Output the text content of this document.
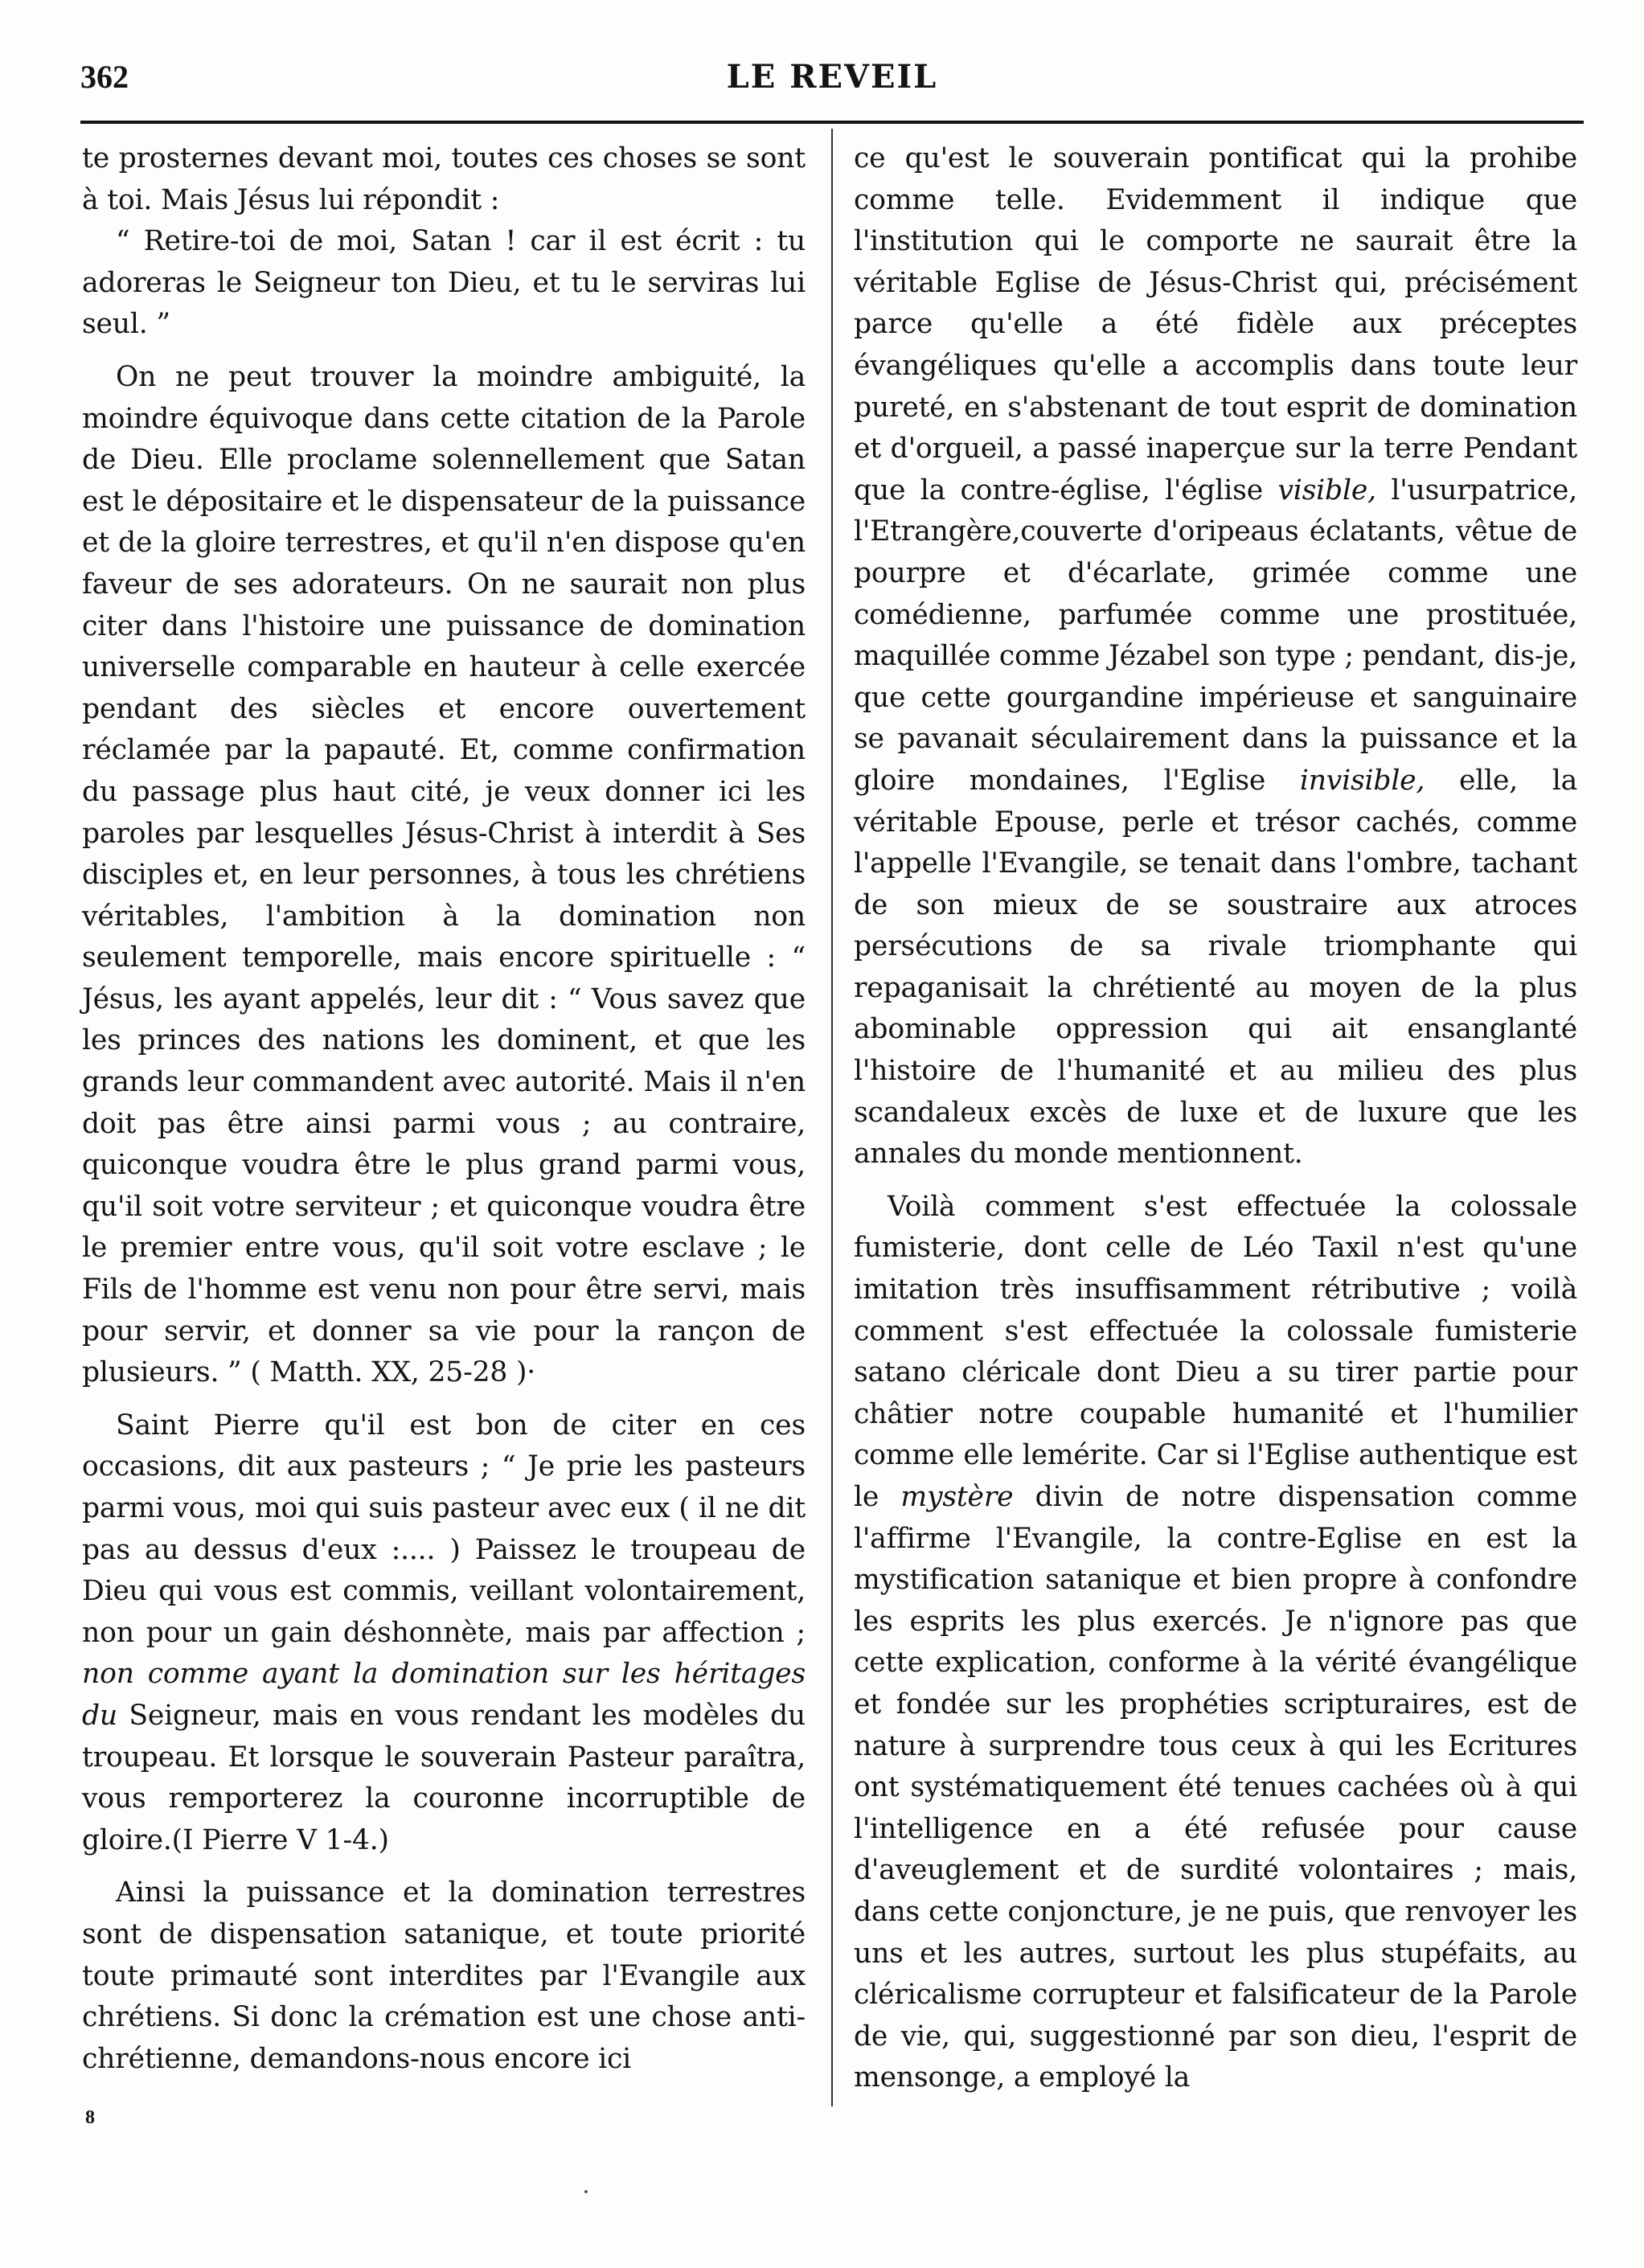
362	LE REVEIL

te prosternes devant moi, toutes ces choses se sont à toi. Mais Jésus lui répondit :

“ Retire-toi de moi, Satan ! car il est écrit : tu adoreras le Seigneur ton Dieu, et tu le serviras lui seul. ”

On ne peut trouver la moindre ambiguité, la moindre équivoque dans cette citation de la Parole de Dieu. Elle proclame solennellement que Satan est le dépositaire et le dispensateur de la puissance et de la gloire terrestres, et qu'il n'en dispose qu'en faveur de ses adorateurs. On ne saurait non plus citer dans l'histoire une puissance de domination universelle comparable en hauteur à celle exercée pendant des siècles et encore ouvertement réclamée par la papauté. Et, comme confirmation du passage plus haut cité, je veux donner ici les paroles par lesquelles Jésus-Christ à interdit à Ses disciples et, en leur personnes, à tous les chrétiens véritables, l'ambition à la domination non seulement temporelle, mais encore spirituelle : “ Jésus, les ayant appelés, leur dit : “ Vous savez que les princes des nations les dominent, et que les grands leur commandent avec autorité. Mais il n'en doit pas être ainsi parmi vous ; au contraire, quiconque voudra être le plus grand parmi vous, qu'il soit votre serviteur ; et quiconque voudra être le premier entre vous, qu'il soit votre esclave ; le Fils de l'homme est venu non pour être servi, mais pour servir, et donner sa vie pour la rançon de plusieurs. ” ( Matth. XX, 25-28 )·

Saint Pierre qu'il est bon de citer en ces occasions, dit aux pasteurs ; “ Je prie les pasteurs parmi vous, moi qui suis pasteur avec eux ( il ne dit pas au dessus d'eux :.... ) Paissez le troupeau de Dieu qui vous est commis, veillant volontairement, non pour un gain déshonnète, mais par affection ; non comme ayant la domination sur les héritages du Seigneur, mais en vous rendant les modèles du troupeau. Et lorsque le souverain Pasteur paraîtra, vous remporterez la couronne incorruptible de gloire.(I Pierre V 1-4.)

Ainsi la puissance et la domination terrestres sont de dispensation satanique, et toute priorité toute primauté sont interdites par l'Evangile aux chrétiens. Si donc la crémation est une chose anti-chrétienne, demandons-nous encore ici

ce qu'est le souverain pontificat qui la prohibe comme telle. Evidemment il indique que l'institution qui le comporte ne saurait être la véritable Eglise de Jésus-Christ qui, précisément parce qu'elle a été fidèle aux préceptes évangéliques qu'elle a accomplis dans toute leur pureté, en s'abstenant de tout esprit de domination et d'orgueil, a passé inaperçue sur la terre Pendant que la contre-église, l'église visible, l'usurpatrice, l'Etrangère,couverte d'oripeaus éclatants, vêtue de pourpre et d'écarlate, grimée comme une comédienne, parfumée comme une prostituée, maquillée comme Jézabel son type ; pendant, dis-je, que cette gourgandine impérieuse et sanguinaire se pavanait séculairement dans la puissance et la gloire mondaines, l'Eglise invisible, elle, la véritable Epouse, perle et trésor cachés, comme l'appelle l'Evangile, se tenait dans l'ombre, tachant de son mieux de se soustraire aux atroces persécutions de sa rivale triomphante qui repaganisait la chrétienté au moyen de la plus abominable oppression qui ait ensanglanté l'histoire de l'humanité et au milieu des plus scandaleux excès de luxe et de luxure que les annales du monde mentionnent.

Voilà comment s'est effectuée la colossale fumisterie, dont celle de Léo Taxil n'est qu'une imitation très insuffisamment rétributive ; voilà comment s'est effectuée la colossale fumisterie satano cléricale dont Dieu a su tirer partie pour châtier notre coupable humanité et l'humilier comme elle lemérite. Car si l'Eglise authentique est le mystère divin de notre dispensation comme l'affirme l'Evangile, la contre-Eglise en est la mystification satanique et bien propre à confondre les esprits les plus exercés. Je n'ignore pas que cette explication, conforme à la vérité évangélique et fondée sur les prophéties scripturaires, est de nature à surprendre tous ceux à qui les Ecritures ont systématiquement été tenues cachées où à qui l'intelligence en a été refusée pour cause d'aveuglement et de surdité volontaires ; mais, dans cette conjoncture, je ne puis, que renvoyer les uns et les autres, surtout les plus stupéfaits, au cléricalisme corrupteur et falsificateur de la Parole de vie, qui, suggestionné par son dieu, l'esprit de mensonge, a employé la

8
